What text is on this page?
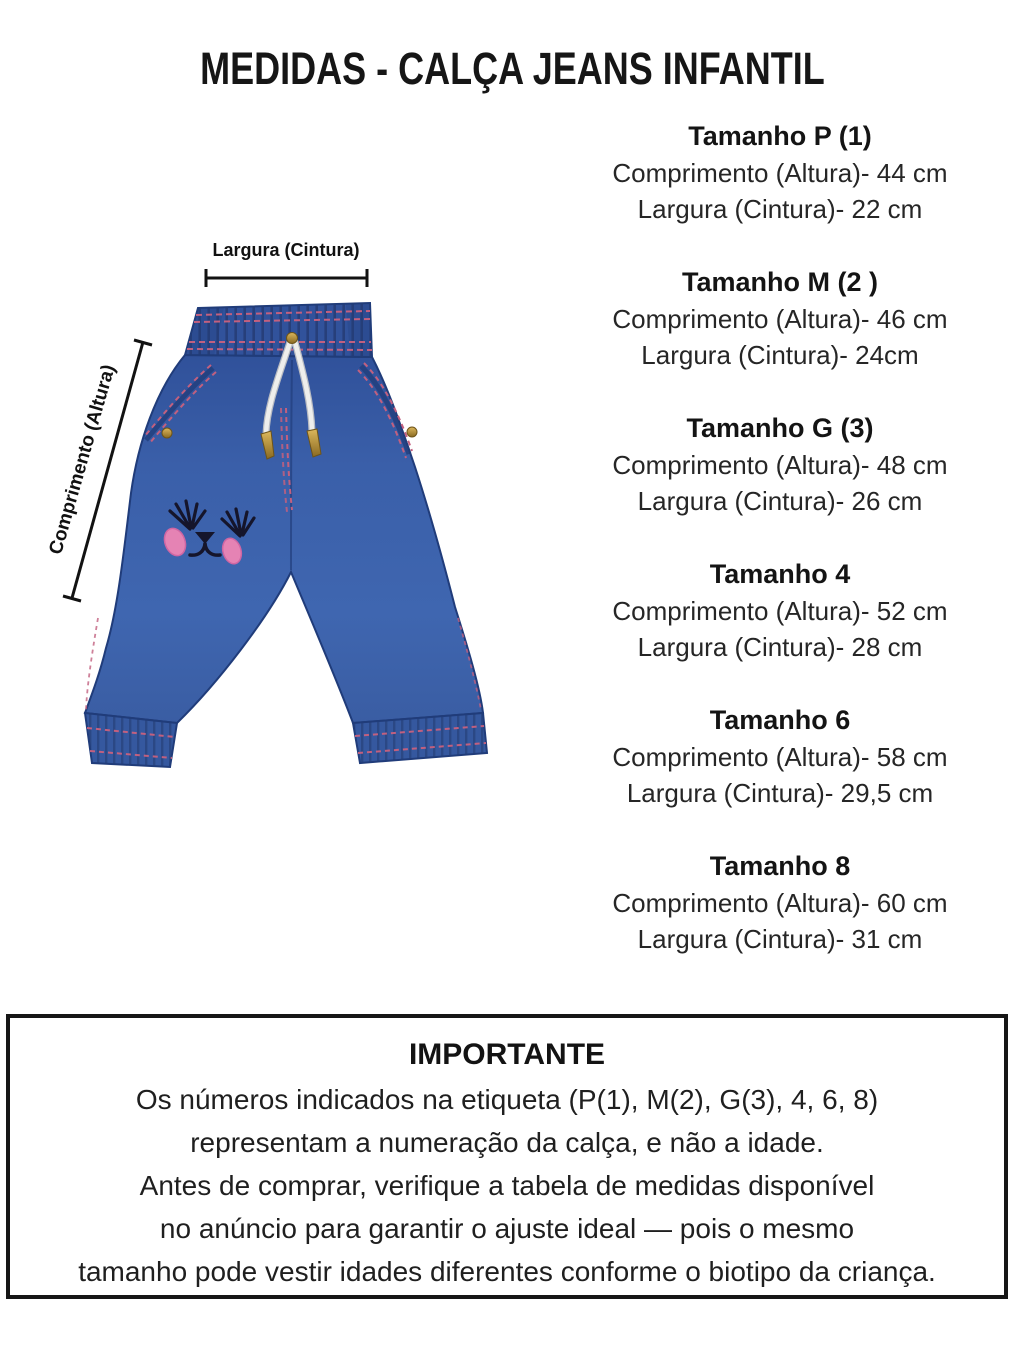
MEDIDAS - CALÇA JEANS INFANTIL
Tamanho P (1)
Comprimento (Altura)- 44 cm
Largura (Cintura)- 22 cm
Tamanho M (2 )
Comprimento (Altura)- 46 cm
Largura (Cintura)- 24cm
Tamanho G (3)
Comprimento (Altura)- 48 cm
Largura (Cintura)- 26 cm
Tamanho 4
Comprimento (Altura)- 52 cm
Largura (Cintura)- 28 cm
Tamanho 6
Comprimento (Altura)- 58 cm
Largura (Cintura)- 29,5 cm
Tamanho 8
Comprimento (Altura)- 60 cm
Largura (Cintura)- 31 cm
Largura (Cintura)
Comprimento (Altura)
IMPORTANTE
Os números indicados na etiqueta (P(1), M(2), G(3), 4, 6, 8)
representam a numeração da calça, e não a idade.
Antes de comprar, verifique a tabela de medidas disponível
no anúncio para garantir o ajuste ideal — pois o mesmo
tamanho pode vestir idades diferentes conforme o biotipo da criança.
